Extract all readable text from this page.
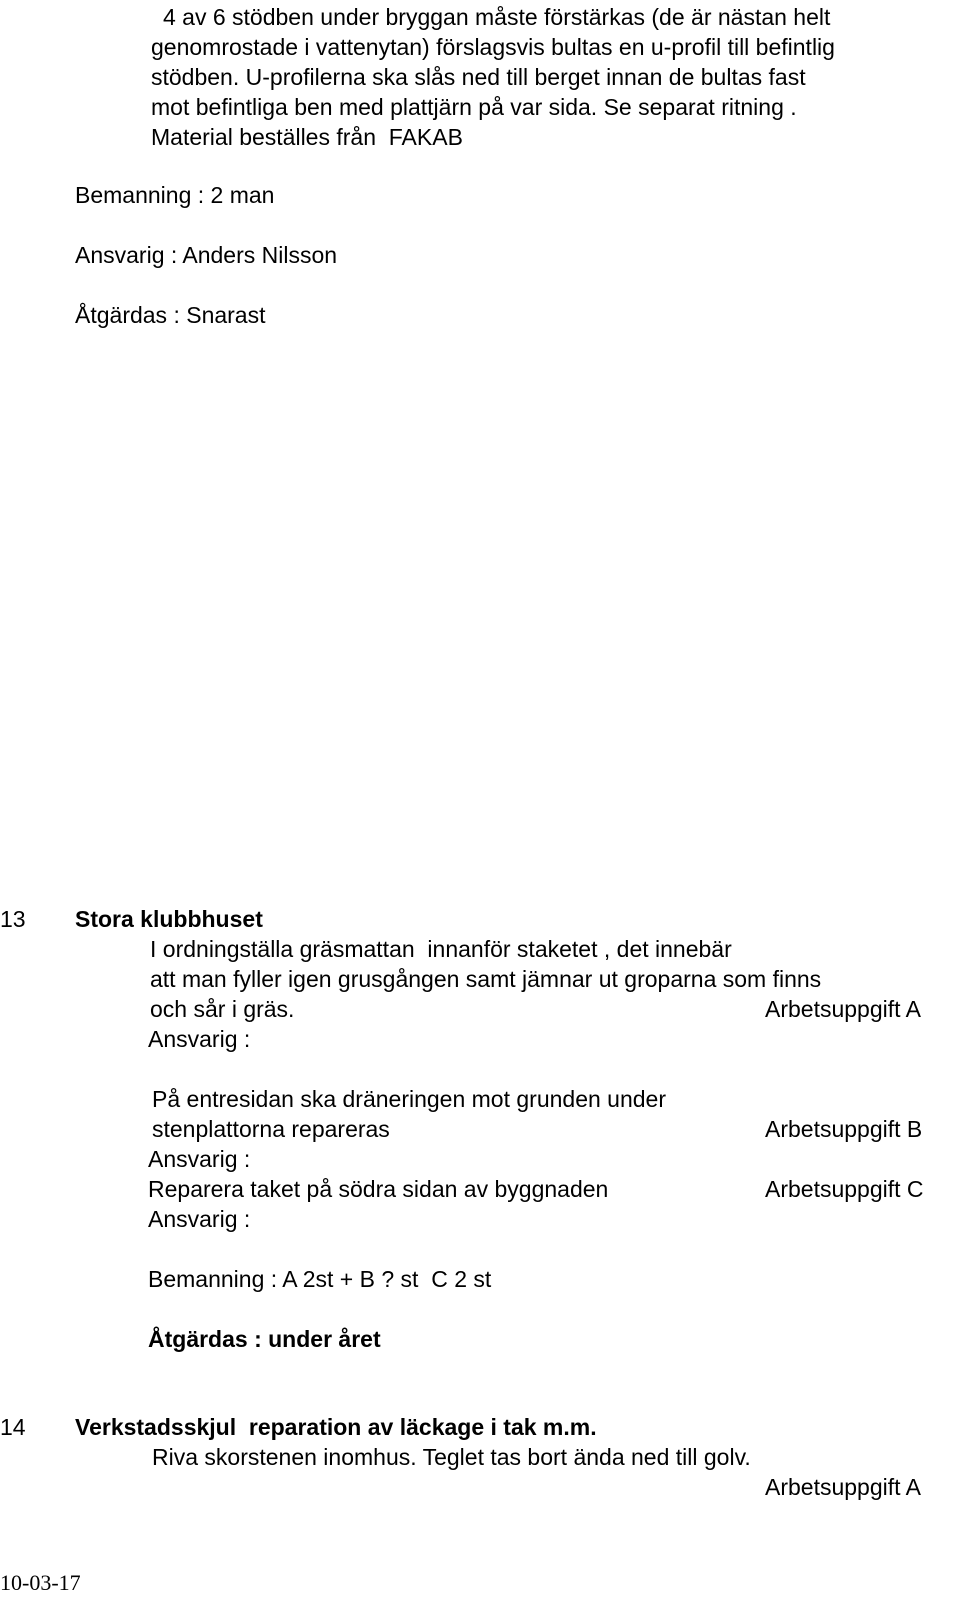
4 av 6 stödben under bryggan måste förstärkas (de är nästan helt
genomrostade i vattenytan) förslagsvis bultas en u-profil till befintlig
stödben. U-profilerna ska slås ned till berget innan de bultas fast
mot befintliga ben med plattjärn på var sida. Se separat ritning .
Material beställes från  FAKAB
Bemanning : 2 man
Ansvarig : Anders Nilsson
Åtgärdas : Snarast
13 Stora klubbhuset
I ordningställa gräsmattan  innanför staketet , det innebär
att man fyller igen grusgången samt jämnar ut groparna som finns
och sår i gräs.	Arbetsuppgift A
Ansvarig :
På entresidan ska dräneringen mot grunden under
stenplattorna repareras	Arbetsuppgift B
Ansvarig :
Reparera taket på södra sidan av byggnaden	Arbetsuppgift C
Ansvarig :
Bemanning : A 2st + B ? st  C 2 st
Åtgärdas : under året
14 Verkstadsskjul  reparation av läckage i tak m.m.
Riva skorstenen inomhus. Teglet tas bort ända ned till golv.
Arbetsuppgift A
10-03-17
